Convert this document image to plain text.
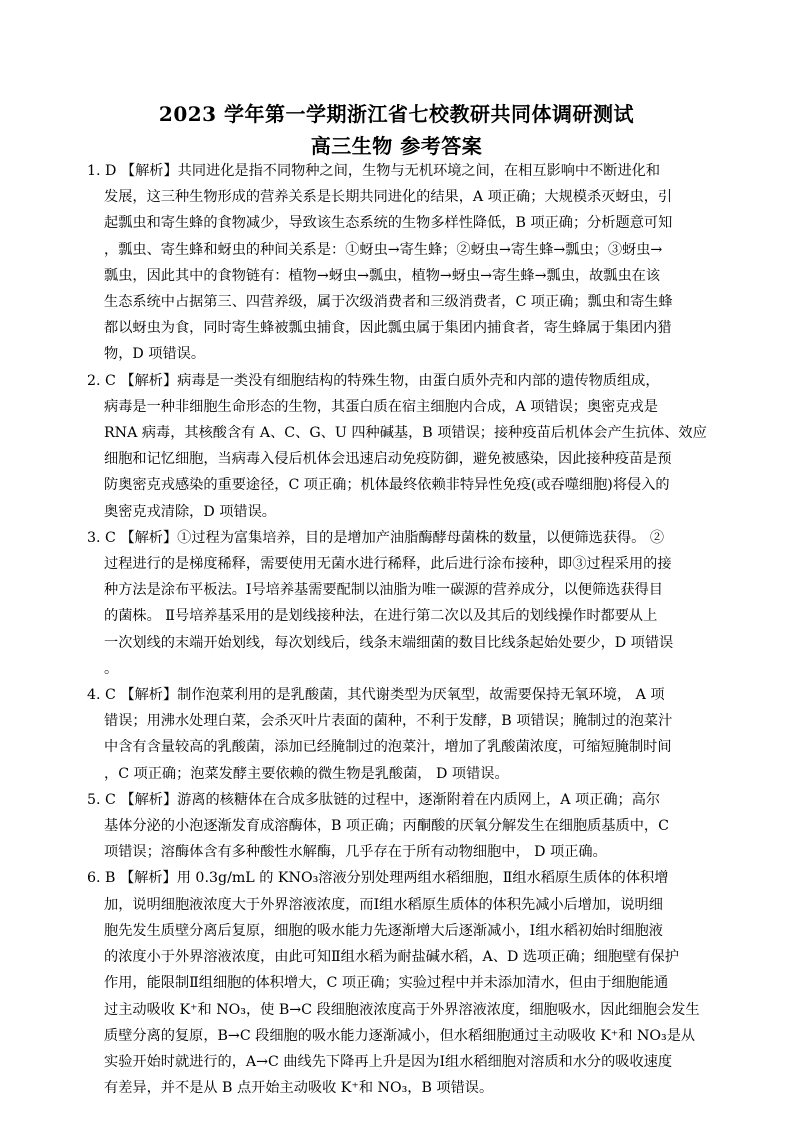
2023 学年第一学期浙江省七校教研共同体调研测试
高三生物 参考答案
1. D 【解析】共同进化是指不同物种之间，生物与无机环境之间，在相互影响中不断进化和
发展，这三种生物形成的营养关系是长期共同进化的结果，A 项正确；大规模杀灭蚜虫，引
起瓢虫和寄生蜂的食物减少，导致该生态系统的生物多样性降低，B 项正确；分析题意可知
，瓢虫、寄生蜂和蚜虫的种间关系是：①蚜虫→寄生蜂；②蚜虫→寄生蜂→瓢虫；③蚜虫→
瓢虫，因此其中的食物链有：植物→蚜虫→瓢虫，植物→蚜虫→寄生蜂→瓢虫，故瓢虫在该
生态系统中占据第三、四营养级，属于次级消费者和三级消费者，C 项正确；瓢虫和寄生蜂
都以蚜虫为食，同时寄生蜂被瓢虫捕食，因此瓢虫属于集团内捕食者，寄生蜂属于集团内猎
物，D 项错误。
2. C 【解析】病毒是一类没有细胞结构的特殊生物，由蛋白质外壳和内部的遗传物质组成，
病毒是一种非细胞生命形态的生物，其蛋白质在宿主细胞内合成，A 项错误；奥密克戎是
RNA 病毒，其核酸含有 A、C、G、U 四种碱基，B 项错误；接种疫苗后机体会产生抗体、效应
细胞和记忆细胞，当病毒入侵后机体会迅速启动免疫防御，避免被感染，因此接种疫苗是预
防奥密克戎感染的重要途径，C 项正确；机体最终依赖非特异性免疫(或吞噬细胞)将侵入的
奥密克戎清除，D 项错误。
3. C 【解析】①过程为富集培养，目的是增加产油脂酶酵母菌株的数量，以便筛选获得。 ②
过程进行的是梯度稀释，需要使用无菌水进行稀释，此后进行涂布接种，即③过程采用的接
种方法是涂布平板法。Ⅰ号培养基需要配制以油脂为唯一碳源的营养成分，以便筛选获得目
的菌株。 Ⅱ号培养基采用的是划线接种法，在进行第二次以及其后的划线操作时都要从上
一次划线的末端开始划线，每次划线后，线条末端细菌的数目比线条起始处要少，D 项错误
。
4. C 【解析】制作泡菜利用的是乳酸菌，其代谢类型为厌氧型，故需要保持无氧环境， A 项
错误；用沸水处理白菜，会杀灭叶片表面的菌种，不利于发酵，B 项错误；腌制过的泡菜汁
中含有含量较高的乳酸菌，添加已经腌制过的泡菜汁，增加了乳酸菌浓度，可缩短腌制时间
，C 项正确；泡菜发酵主要依赖的微生物是乳酸菌， D 项错误。
5. C 【解析】游离的核糖体在合成多肽链的过程中，逐渐附着在内质网上，A 项正确；高尔
基体分泌的小泡逐渐发育成溶酶体，B 项正确；丙酮酸的厌氧分解发生在细胞质基质中，C
项错误；溶酶体含有多种酸性水解酶，几乎存在于所有动物细胞中， D 项正确。
6. B 【解析】用 0.3g/mL 的 KNO₃溶液分别处理两组水稻细胞，Ⅱ组水稻原生质体的体积增
加，说明细胞液浓度大于外界溶液浓度，而Ⅰ组水稻原生质体的体积先减小后增加，说明细
胞先发生质壁分离后复原，细胞的吸水能力先逐渐增大后逐渐减小，Ⅰ组水稻初始时细胞液
的浓度小于外界溶液浓度，由此可知Ⅱ组水稻为耐盐碱水稻，A、D 选项正确；细胞壁有保护
作用，能限制Ⅱ组细胞的体积增大，C 项正确；实验过程中并未添加清水，但由于细胞能通
过主动吸收 K⁺和 NO₃，使 B→C 段细胞液浓度高于外界溶液浓度，细胞吸水，因此细胞会发生
质壁分离的复原，B→C 段细胞的吸水能力逐渐减小，但水稻细胞通过主动吸收 K⁺和 NO₃是从
实验开始时就进行的，A→C 曲线先下降再上升是因为Ⅰ组水稻细胞对溶质和水分的吸收速度
有差异，并不是从 B 点开始主动吸收 K⁺和 NO₃，B 项错误。
